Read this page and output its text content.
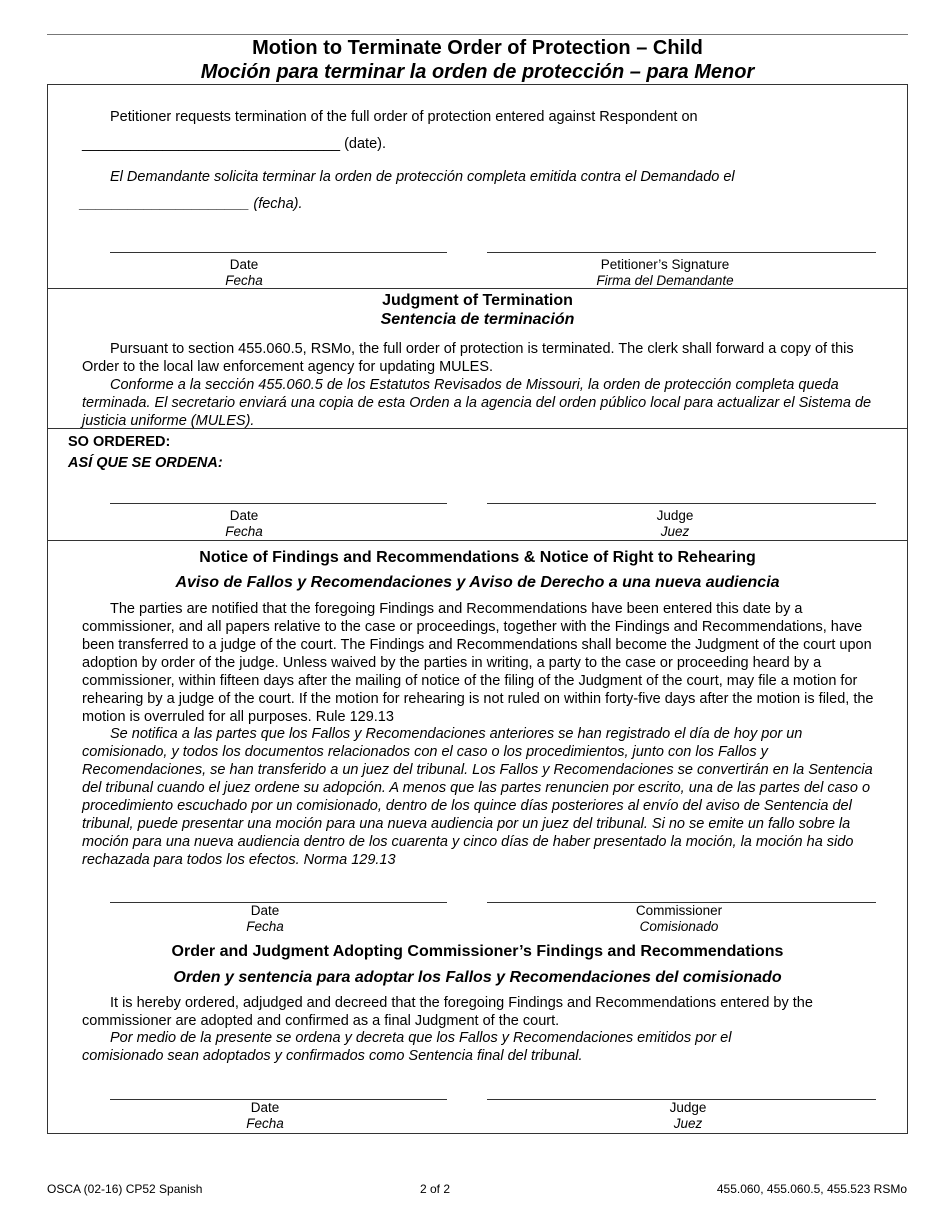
Motion to Terminate Order of Protection – Child
Moción para terminar la orden de protección – para Menor
Petitioner requests termination of the full order of protection entered against Respondent on
________________________________ (date).
El Demandante solicita terminar la orden de protección completa emitida contra el Demandado el
_____________________ (fecha).
Date
Fecha
Petitioner’s Signature
Firma del Demandante
Judgment of Termination
Sentencia de terminación
Pursuant to section 455.060.5, RSMo, the full order of protection is terminated. The clerk shall forward a copy of this Order to the local law enforcement agency for updating MULES.
Conforme a la sección 455.060.5 de los Estatutos Revisados de Missouri, la orden de protección completa queda terminada. El secretario enviará una copia de esta Orden a la agencia del orden público local para actualizar el Sistema de justicia uniforme (MULES).
SO ORDERED:
ASÍ QUE SE ORDENA:
Date
Fecha
Judge
Juez
Notice of Findings and Recommendations & Notice of Right to Rehearing
Aviso de Fallos y Recomendaciones y Aviso de Derecho a una nueva audiencia
The parties are notified that the foregoing Findings and Recommendations have been entered this date by a commissioner, and all papers relative to the case or proceedings, together with the Findings and Recommendations, have been transferred to a judge of the court. The Findings and Recommendations shall become the Judgment of the court upon adoption by order of the judge. Unless waived by the parties in writing, a party to the case or proceeding heard by a commissioner, within fifteen days after the mailing of notice of the filing of the Judgment of the court, may file a motion for rehearing by a judge of the court. If the motion for rehearing is not ruled on within forty-five days after the motion is filed, the motion is overruled for all purposes. Rule 129.13
Se notifica a las partes que los Fallos y Recomendaciones anteriores se han registrado el día de hoy por un comisionado, y todos los documentos relacionados con el caso o los procedimientos, junto con los Fallos y Recomendaciones, se han transferido a un juez del tribunal. Los Fallos y Recomendaciones se convertirán en la Sentencia del tribunal cuando el juez ordene su adopción. A menos que las partes renuncien por escrito, una de las partes del caso o procedimiento escuchado por un comisionado, dentro de los quince días posteriores al envío del aviso de Sentencia del tribunal, puede presentar una moción para una nueva audiencia por un juez del tribunal. Si no se emite un fallo sobre la moción para una nueva audiencia dentro de los cuarenta y cinco días de haber presentado la moción, la moción ha sido rechazada para todos los efectos. Norma 129.13
Date
Fecha
Commissioner
Comisionado
Order and Judgment Adopting Commissioner’s Findings and Recommendations
Orden y sentencia para adoptar los Fallos y Recomendaciones del comisionado
It is hereby ordered, adjudged and decreed that the foregoing Findings and Recommendations entered by the commissioner are adopted and confirmed as a final Judgment of the court.
Por medio de la presente se ordena y decreta que los Fallos y Recomendaciones emitidos por el comisionado sean adoptados y confirmados como Sentencia final del tribunal.
Date
Fecha
Judge
Juez
OSCA (02-16) CP52 Spanish	2 of 2	455.060, 455.060.5, 455.523 RSMo
